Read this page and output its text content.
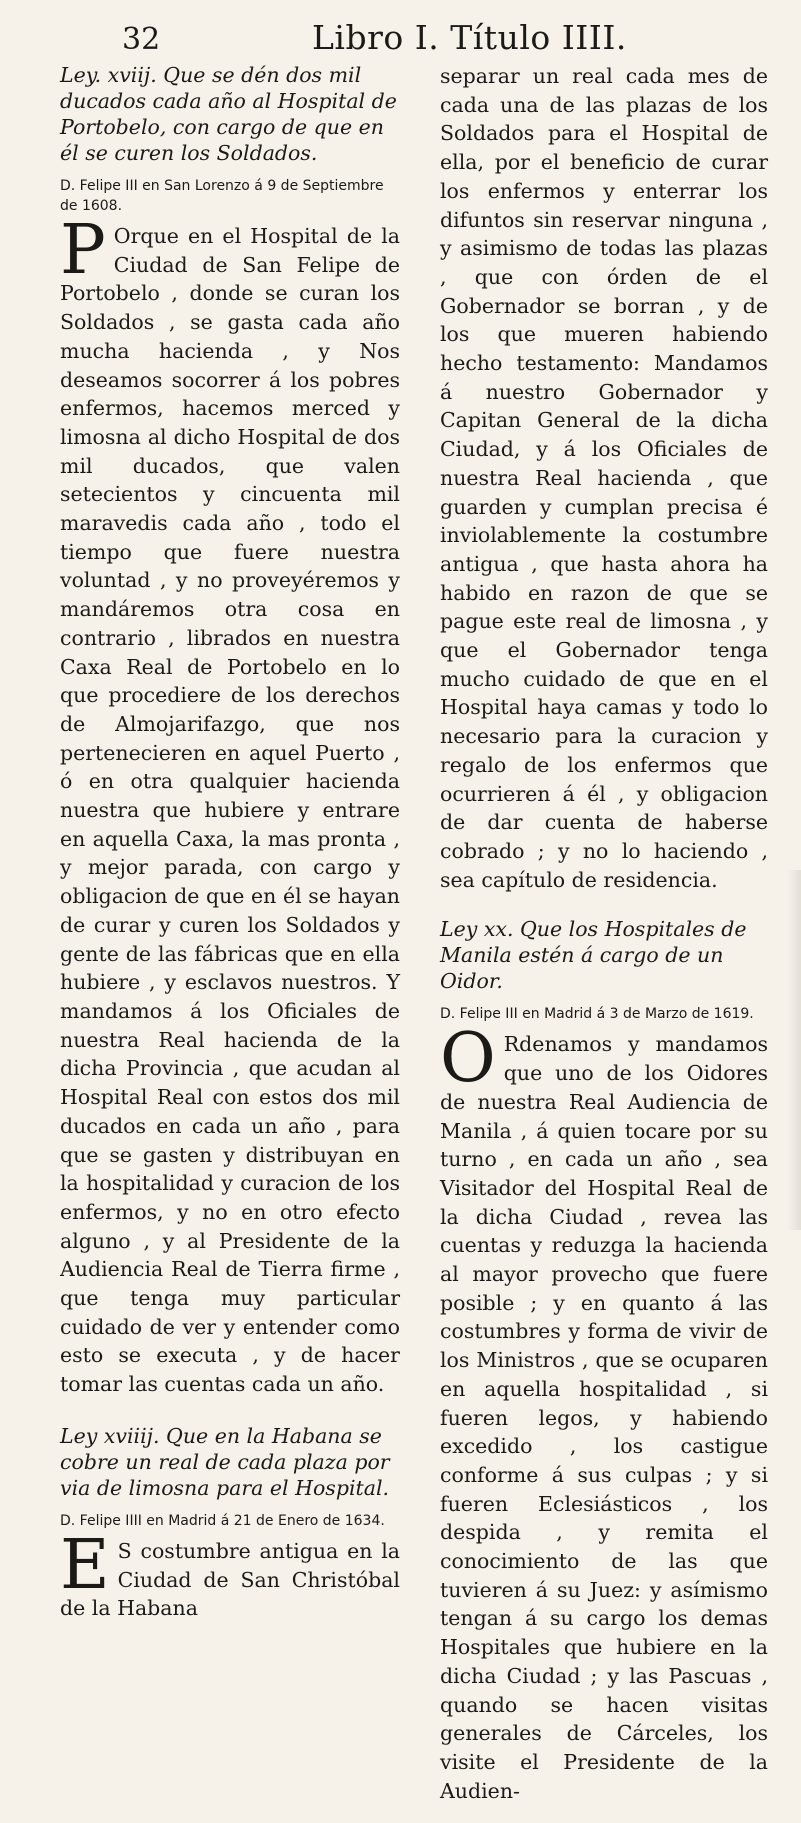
32	Libro I. Título IIII.

Ley. xviij. Que se dén dos mil ducados cada año al Hospital de Portobelo, con cargo de que en él se curen los Soldados.

D. Felipe III en San Lorenzo á 9 de Septiembre de 1608.

P Orque en el Hospital de la Ciudad de San Felipe de Portobelo , donde se curan los Soldados , se gasta cada año mucha hacienda , y Nos deseamos socorrer á los pobres enfermos, hacemos merced y limosna al dicho Hospital de dos mil ducados, que valen setecientos y cincuenta mil maravedis cada año , todo el tiempo que fuere nuestra voluntad , y no proveyéremos y mandáremos otra cosa en contrario , librados en nuestra Caxa Real de Portobelo en lo que procediere de los derechos de Almojarifazgo, que nos pertenecieren en aquel Puerto , ó en otra qualquier hacienda nuestra que hubiere y entrare en aquella Caxa, la mas pronta , y mejor parada, con cargo y obligacion de que en él se hayan de curar y curen los Soldados y gente de las fábricas que en ella hubiere , y esclavos nuestros. Y mandamos á los Oficiales de nuestra Real hacienda de la dicha Provincia , que acudan al Hospital Real con estos dos mil ducados en cada un año , para que se gasten y distribuyan en la hospitalidad y curacion de los enfermos, y no en otro efecto alguno , y al Presidente de la Audiencia Real de Tierra firme , que tenga muy particular cuidado de ver y entender como esto se executa , y de hacer tomar las cuentas cada un año.

Ley xviiij. Que en la Habana se cobre un real de cada plaza por via de limosna para el Hospital.

D. Felipe IIII en Madrid á 21 de Enero de 1634.

E S costumbre antigua en la Ciudad de San Christóbal de la Habana

separar un real cada mes de cada una de las plazas de los Soldados para el Hospital de ella, por el beneficio de curar los enfermos y enterrar los difuntos sin reservar ninguna , y asimismo de todas las plazas , que con órden de el Gobernador se borran , y de los que mueren habiendo hecho testamento: Mandamos á nuestro Gobernador y Capitan General de la dicha Ciudad, y á los Oficiales de nuestra Real hacienda , que guarden y cumplan precisa é inviolablemente la costumbre antigua , que hasta ahora ha habido en razon de que se pague este real de limosna , y que el Gobernador tenga mucho cuidado de que en el Hospital haya camas y todo lo necesario para la curacion y regalo de los enfermos que ocurrieren á él , y obligacion de dar cuenta de haberse cobrado ; y no lo haciendo , sea capítulo de residencia.

Ley xx. Que los Hospitales de Manila estén á cargo de un Oidor.

D. Felipe III en Madrid á 3 de Marzo de 1619.

O Rdenamos y mandamos que uno de los Oidores de nuestra Real Audiencia de Manila , á quien tocare por su turno , en cada un año , sea Visitador del Hospital Real de la dicha Ciudad , revea las cuentas y reduzga la hacienda al mayor provecho que fuere posible ; y en quanto á las costumbres y forma de vivir de los Ministros , que se ocuparen en aquella hospitalidad , si fueren legos, y habiendo excedido , los castigue conforme á sus culpas ; y si fueren Eclesiásticos , los despida , y remita el conocimiento de las que tuvieren á su Juez: y asímismo tengan á su cargo los demas Hospitales que hubiere en la dicha Ciudad ; y las Pascuas , quando se hacen visitas generales de Cárceles, los visite el Presidente de la Audien-
